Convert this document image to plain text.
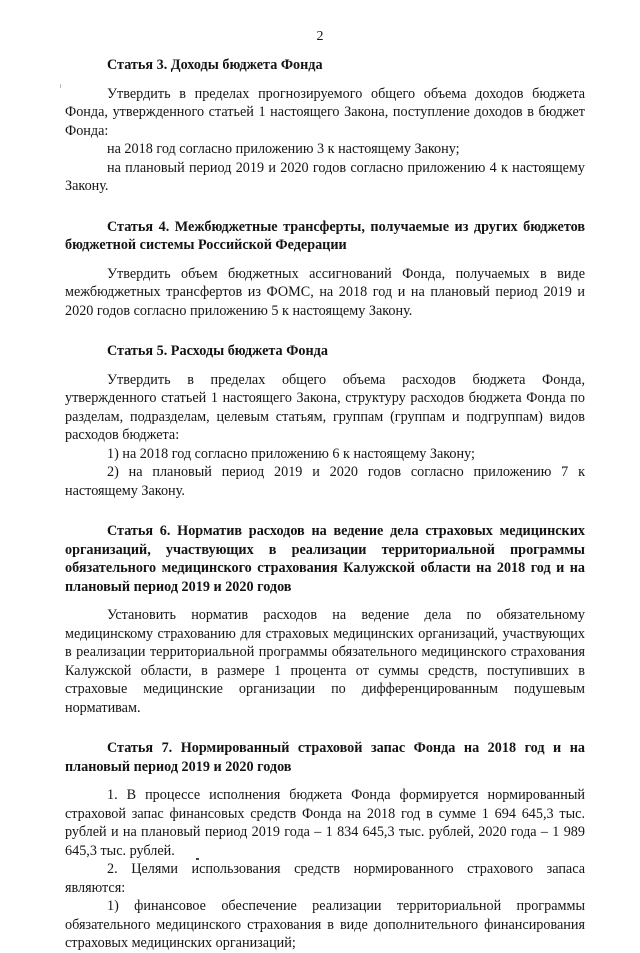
2

Статья 3. Доходы бюджета Фонда

Утвердить в пределах прогнозируемого общего объема доходов бюджета Фонда, утвержденного статьей 1 настоящего Закона, поступление доходов в бюджет Фонда:

на 2018 год согласно приложению 3 к настоящему Закону;

на плановый период 2019 и 2020 годов согласно приложению 4 к настоящему Закону.

Статья 4. Межбюджетные трансферты, получаемые из других бюджетов бюджетной системы Российской Федерации

Утвердить объем бюджетных ассигнований Фонда, получаемых в виде межбюджетных трансфертов из ФОМС, на 2018 год и на плановый период 2019 и 2020 годов согласно приложению 5 к настоящему Закону.

Статья 5. Расходы бюджета Фонда

Утвердить в пределах общего объема расходов бюджета Фонда, утвержденного статьей 1 настоящего Закона, структуру расходов бюджета Фонда по разделам, подразделам, целевым статьям, группам (группам и подгруппам) видов расходов бюджета:

1) на 2018 год согласно приложению 6 к настоящему Закону;

2) на плановый период 2019 и 2020 годов согласно приложению 7 к настоящему Закону.

Статья 6. Норматив расходов на ведение дела страховых медицинских организаций, участвующих в реализации территориальной программы обязательного медицинского страхования Калужской области на 2018 год и на плановый период 2019 и 2020 годов

Установить норматив расходов на ведение дела по обязательному медицинскому страхованию для страховых медицинских организаций, участвующих в реализации территориальной программы обязательного медицинского страхования Калужской области, в размере 1 процента от суммы средств, поступивших в страховые медицинские организации по дифференцированным подушевым нормативам.

Статья 7. Нормированный страховой запас Фонда на 2018 год и на плановый период 2019 и 2020 годов

1. В процессе исполнения бюджета Фонда формируется нормированный страховой запас финансовых средств Фонда на 2018 год в сумме 1 694 645,3 тыс. рублей и на плановый период 2019 года – 1 834 645,3 тыс. рублей, 2020 года – 1 989 645,3 тыс. рублей.

2. Целями использования средств нормированного страхового запаса являются:

1) финансовое обеспечение реализации территориальной программы обязательного медицинского страхования в виде дополнительного финансирования страховых медицинских организаций;
